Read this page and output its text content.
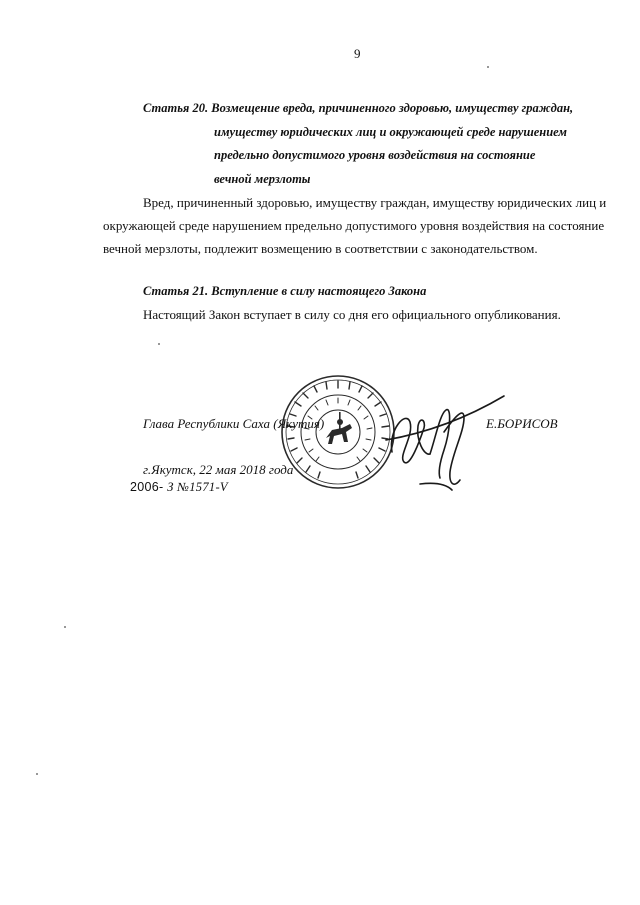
9
Статья 20. Возмещение вреда, причиненного здоровью, имуществу граждан,
имуществу юридических лиц и окружающей среде нарушением
предельно допустимого уровня воздействия на состояние
вечной мерзлоты
Вред, причиненный здоровью, имуществу граждан, имуществу юридических лиц и
окружающей среде нарушением предельно допустимого уровня воздействия на состояние
вечной мерзлоты, подлежит возмещению в соответствии с законодательством.
Статья 21. Вступление в силу настоящего Закона
Настоящий Закон вступает в силу со дня его официального опубликования.
Глава Республики Саха (Якутия)	Е.БОРИСОВ
г.Якутск, 22 мая 2018 года
2006- З №1571-V
